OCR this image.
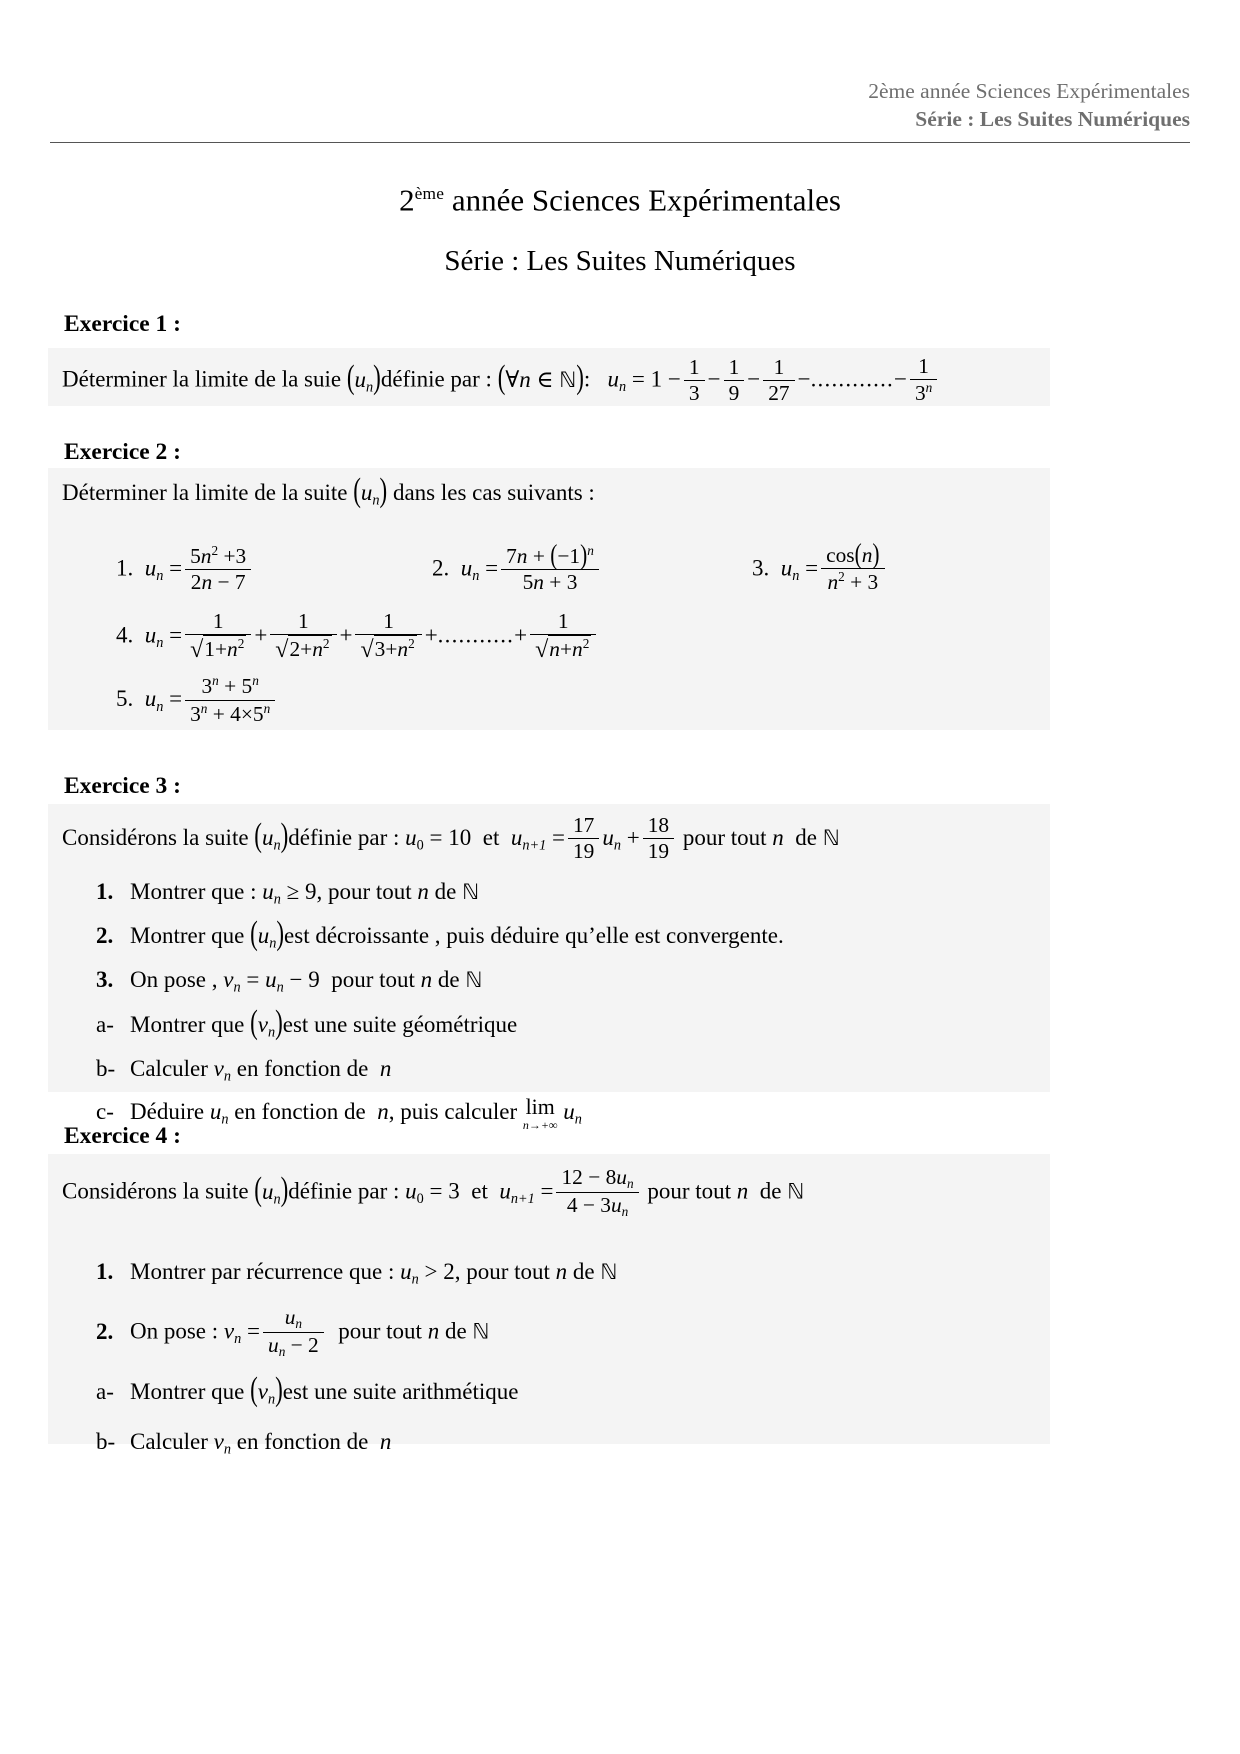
2ème année Sciences Expérimentales
Série : Les Suites Numériques
2ème année Sciences Expérimentales
Série : Les Suites Numériques
Exercice 1 :

Déterminer la limite de la suie $(u_n)définie$ par : (∀n ∈ ℕ): $u_n = 1 - \frac{1}{3} - \frac{1}{9} - \frac{1}{27}$ −............− $\frac{1}{3^n}$

Exercice 2 :

Déterminer la limite de la suite $(u_n)$ dans les cas suivants :

1. $u_n = \frac{5n^2 +3}{2n - 7}$	2. $u_n = \frac{7n + (-1)^n}{5n + 3}$	3. $u_n = \frac{\cos(n)}{n^2 + 3}$
4. $u_n = \frac{1}{√1+n^2} + \frac{1}{√2+n^2} + \frac{1}{√3+n^2}$ +...........+ $\frac{1}{√n+n^2}$
5. $u_n = \frac{3^n + 5^n}{3^n + 4\times 5^n}$
Exercice 3 :

Considérons la suite $(u_n)définie$ par : u0 = 10 et $u_{n+1} = \frac{17}{19} u_n + \frac{18}{19}$ pour tout n  de ℕ

1. Montrer que : $u_n \ge 9$, pour tout n de ℕ
2. Montrer que $(u_n)est$ décroissante , puis déduire qu’elle est convergente.
3. On pose , $v_n = u_n - 9$ pour tout n de ℕ
a- Montrer que $(v_n)est$ une suite géométrique
b- Calculer $v_n$ en fonction de  n
c- Déduire $u_n$ en fonction de  n, puis calculer lim
n→+∞
$u_n$
Exercice 4 :

Considérons la suite $(u_n)définie$ par : u0 = 3 et $u_{n+1} = \frac{12 - 8u_n}{4 - 3u_n}$ pour tout n  de ℕ

1. Montrer par récurrence que : $u_n > 2$, pour tout n de ℕ
2. On pose : $v_n = \frac{u_n}{u_n - 2}$ pour tout n de ℕ
a- Montrer que $(v_n)est$ une suite arithmétique
b- Calculer $v_n$ en fonction de  n
